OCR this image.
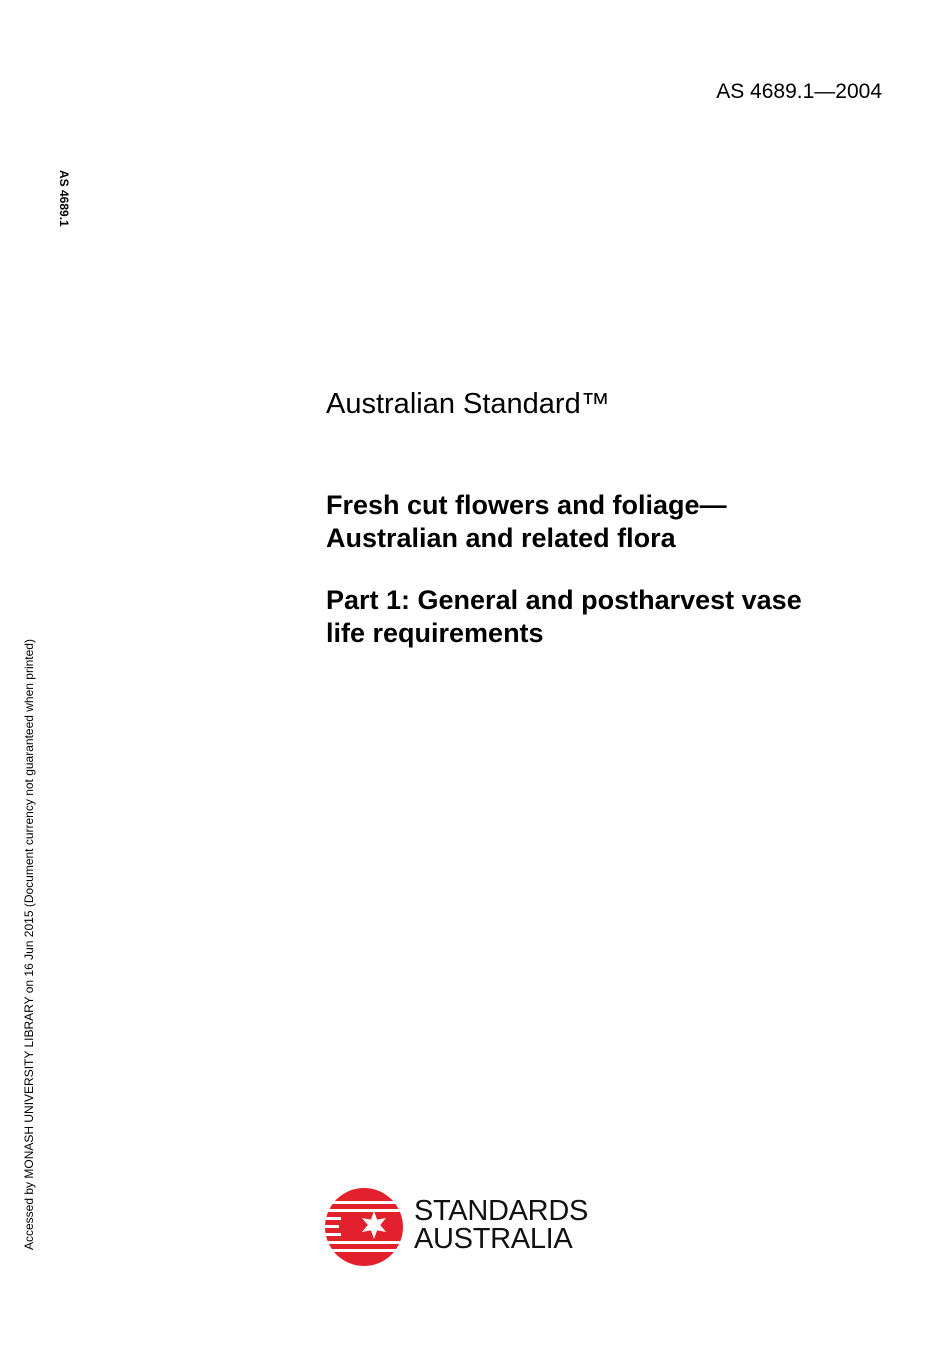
AS 4689.1—2004
AS 4689.1
Accessed by MONASH UNIVERSITY LIBRARY on 16 Jun 2015 (Document currency not guaranteed when printed)
Australian Standard™
Fresh cut flowers and foliage—
Australian and related flora
Part 1: General and postharvest vase
life requirements
STANDARDS
AUSTRALIA
